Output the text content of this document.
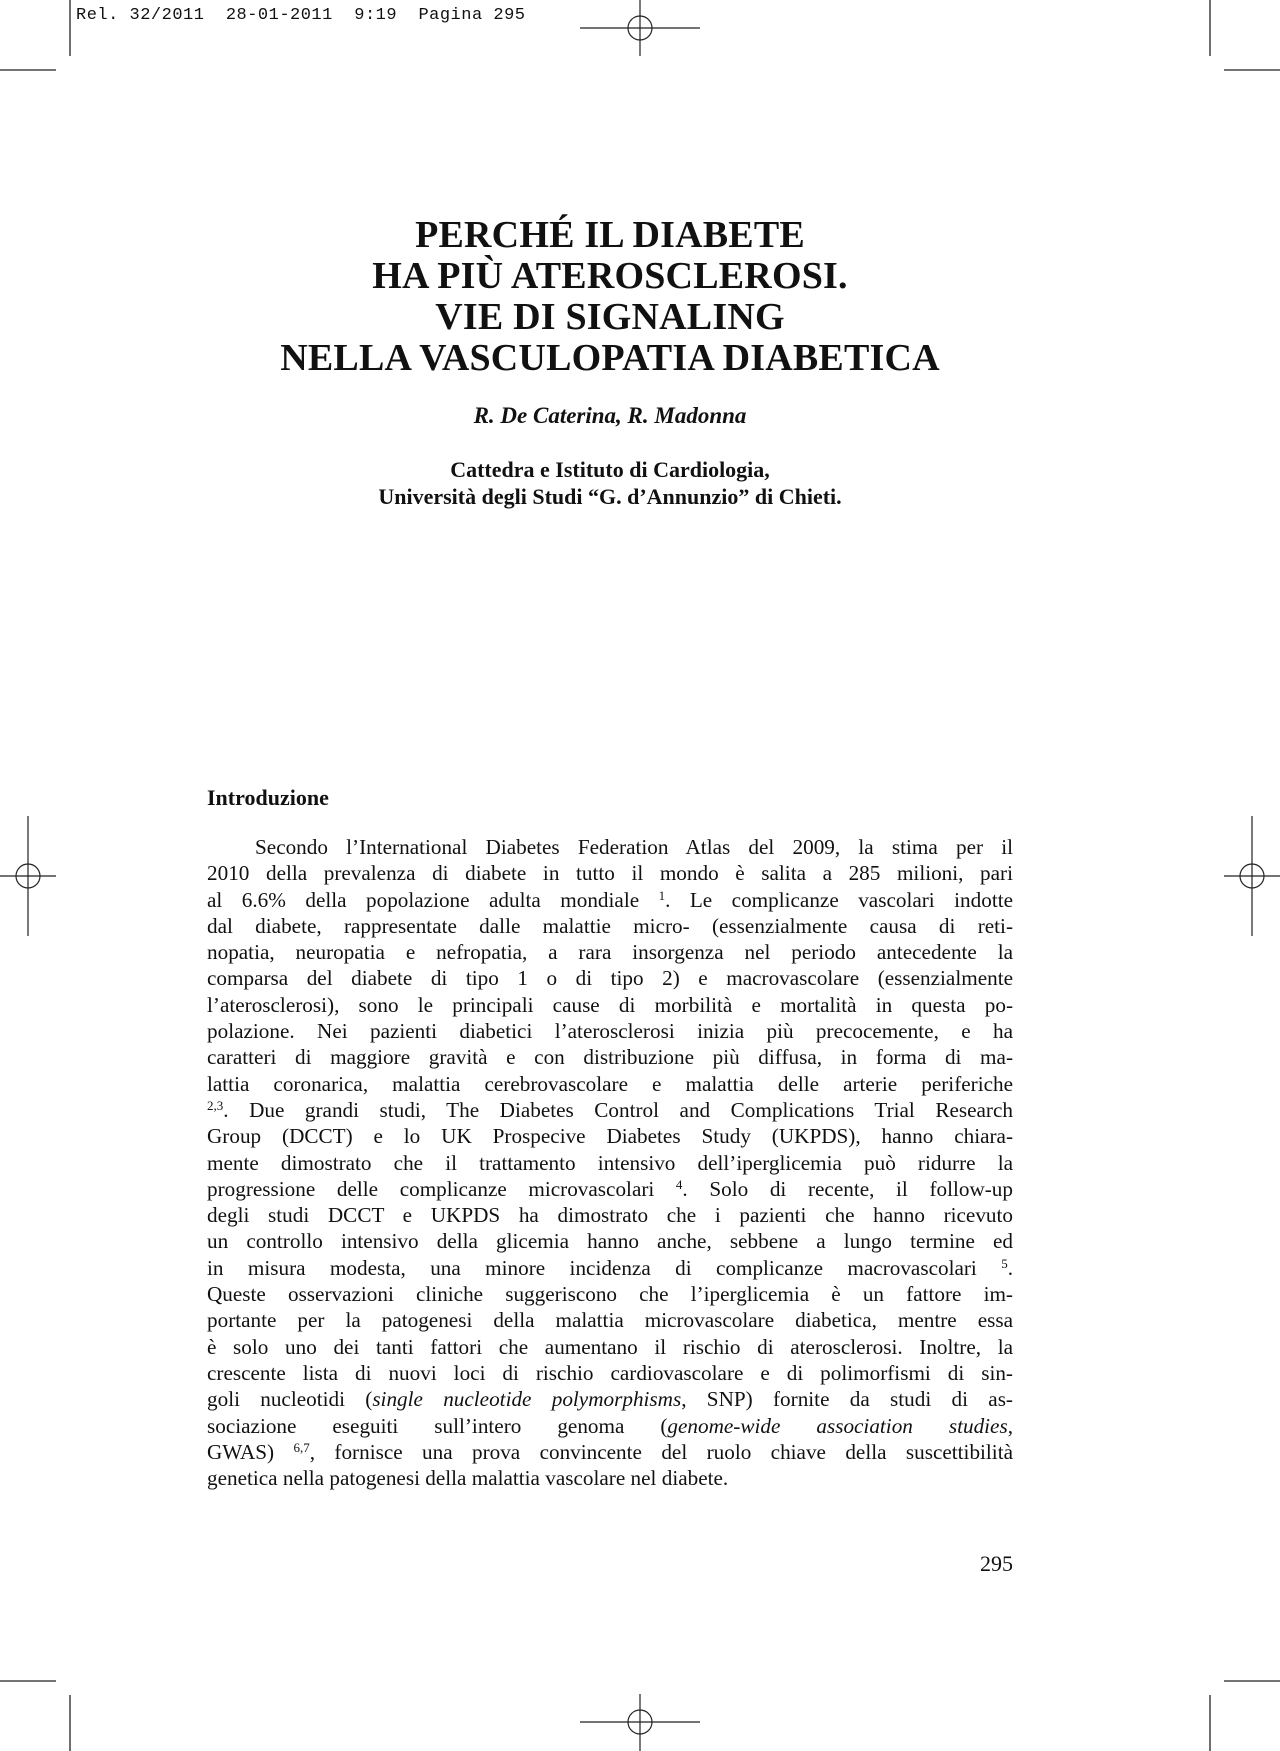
Rel. 32/2011  28-01-2011  9:19  Pagina 295
PERCHÉ IL DIABETE
HA PIÙ ATEROSCLEROSI.
VIE DI SIGNALING
NELLA VASCULOPATIA DIABETICA
R. De Caterina, R. Madonna
Cattedra e Istituto di Cardiologia,
Università degli Studi “G. d’Annunzio” di Chieti.
Introduzione
Secondo l’International Diabetes Federation Atlas del 2009, la stima per il
2010 della prevalenza di diabete in tutto il mondo è salita a 285 milioni, pari
al 6.6% della popolazione adulta mondiale $^1$. Le complicanze vascolari indotte
dal diabete, rappresentate dalle malattie micro- (essenzialmente causa di reti-
nopatia, neuropatia e nefropatia, a rara insorgenza nel periodo antecedente la
comparsa del diabete di tipo 1 o di tipo 2) e macrovascolare (essenzialmente
l’aterosclerosi), sono le principali cause di morbilità e mortalità in questa po-
polazione. Nei pazienti diabetici l’aterosclerosi inizia più precocemente, e ha
caratteri di maggiore gravità e con distribuzione più diffusa, in forma di ma-
lattia coronarica, malattia cerebrovascolare e malattia delle arterie periferiche
$^{2,3}$. Due grandi studi, The Diabetes Control and Complications Trial Research
Group (DCCT) e lo UK Prospecive Diabetes Study (UKPDS), hanno chiara-
mente dimostrato che il trattamento intensivo dell’iperglicemia può ridurre la
progressione delle complicanze microvascolari $^4$. Solo di recente, il follow-up
degli studi DCCT e UKPDS ha dimostrato che i pazienti che hanno ricevuto
un controllo intensivo della glicemia hanno anche, sebbene a lungo termine ed
in misura modesta, una minore incidenza di complicanze macrovascolari $^5$.
Queste osservazioni cliniche suggeriscono che l’iperglicemia è un fattore im-
portante per la patogenesi della malattia microvascolare diabetica, mentre essa
è solo uno dei tanti fattori che aumentano il rischio di aterosclerosi. Inoltre, la
crescente lista di nuovi loci di rischio cardiovascolare e di polimorfismi di sin-
goli nucleotidi (single nucleotide polymorphisms, SNP) fornite da studi di as-
sociazione eseguiti sull’intero genoma (genome-wide association studies,
GWAS) $^{6,7}$, fornisce una prova convincente del ruolo chiave della suscettibilità
genetica nella patogenesi della malattia vascolare nel diabete.
295
